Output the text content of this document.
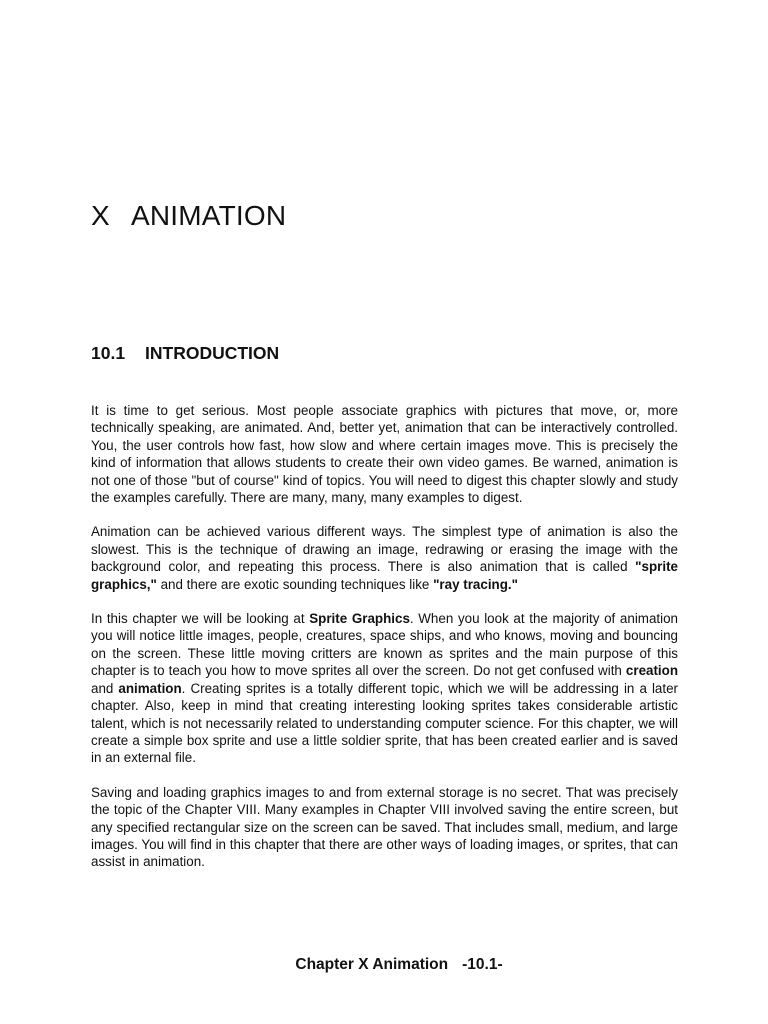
X ANIMATION
10.1 INTRODUCTION

It is time to get serious. Most people associate graphics with pictures that move, or, more technically speaking, are animated. And, better yet, animation that can be interactively controlled. You, the user controls how fast, how slow and where certain images move. This is precisely the kind of information that allows students to create their own video games. Be warned, animation is not one of those "but of course" kind of topics. You will need to digest this chapter slowly and study the examples carefully. There are many, many, many examples to digest.

Animation can be achieved various different ways. The simplest type of animation is also the slowest. This is the technique of drawing an image, redrawing or erasing the image with the background color, and repeating this process. There is also animation that is called "sprite graphics," and there are exotic sounding techniques like "ray tracing."

In this chapter we will be looking at Sprite Graphics. When you look at the majority of animation you will notice little images, people, creatures, space ships, and who knows, moving and bouncing on the screen. These little moving critters are known as sprites and the main purpose of this chapter is to teach you how to move sprites all over the screen. Do not get confused with creation and animation. Creating sprites is a totally different topic, which we will be addressing in a later chapter. Also, keep in mind that creating interesting looking sprites takes considerable artistic talent, which is not necessarily related to understanding computer science. For this chapter, we will create a simple box sprite and use a little soldier sprite, that has been created earlier and is saved in an external file.

Saving and loading graphics images to and from external storage is no secret. That was precisely the topic of the Chapter VIII. Many examples in Chapter VIII involved saving the entire screen, but any specified rectangular size on the screen can be saved. That includes small, medium, and large images. You will find in this chapter that there are other ways of loading images, or sprites, that can assist in animation.

Chapter X Animation -10.1-
